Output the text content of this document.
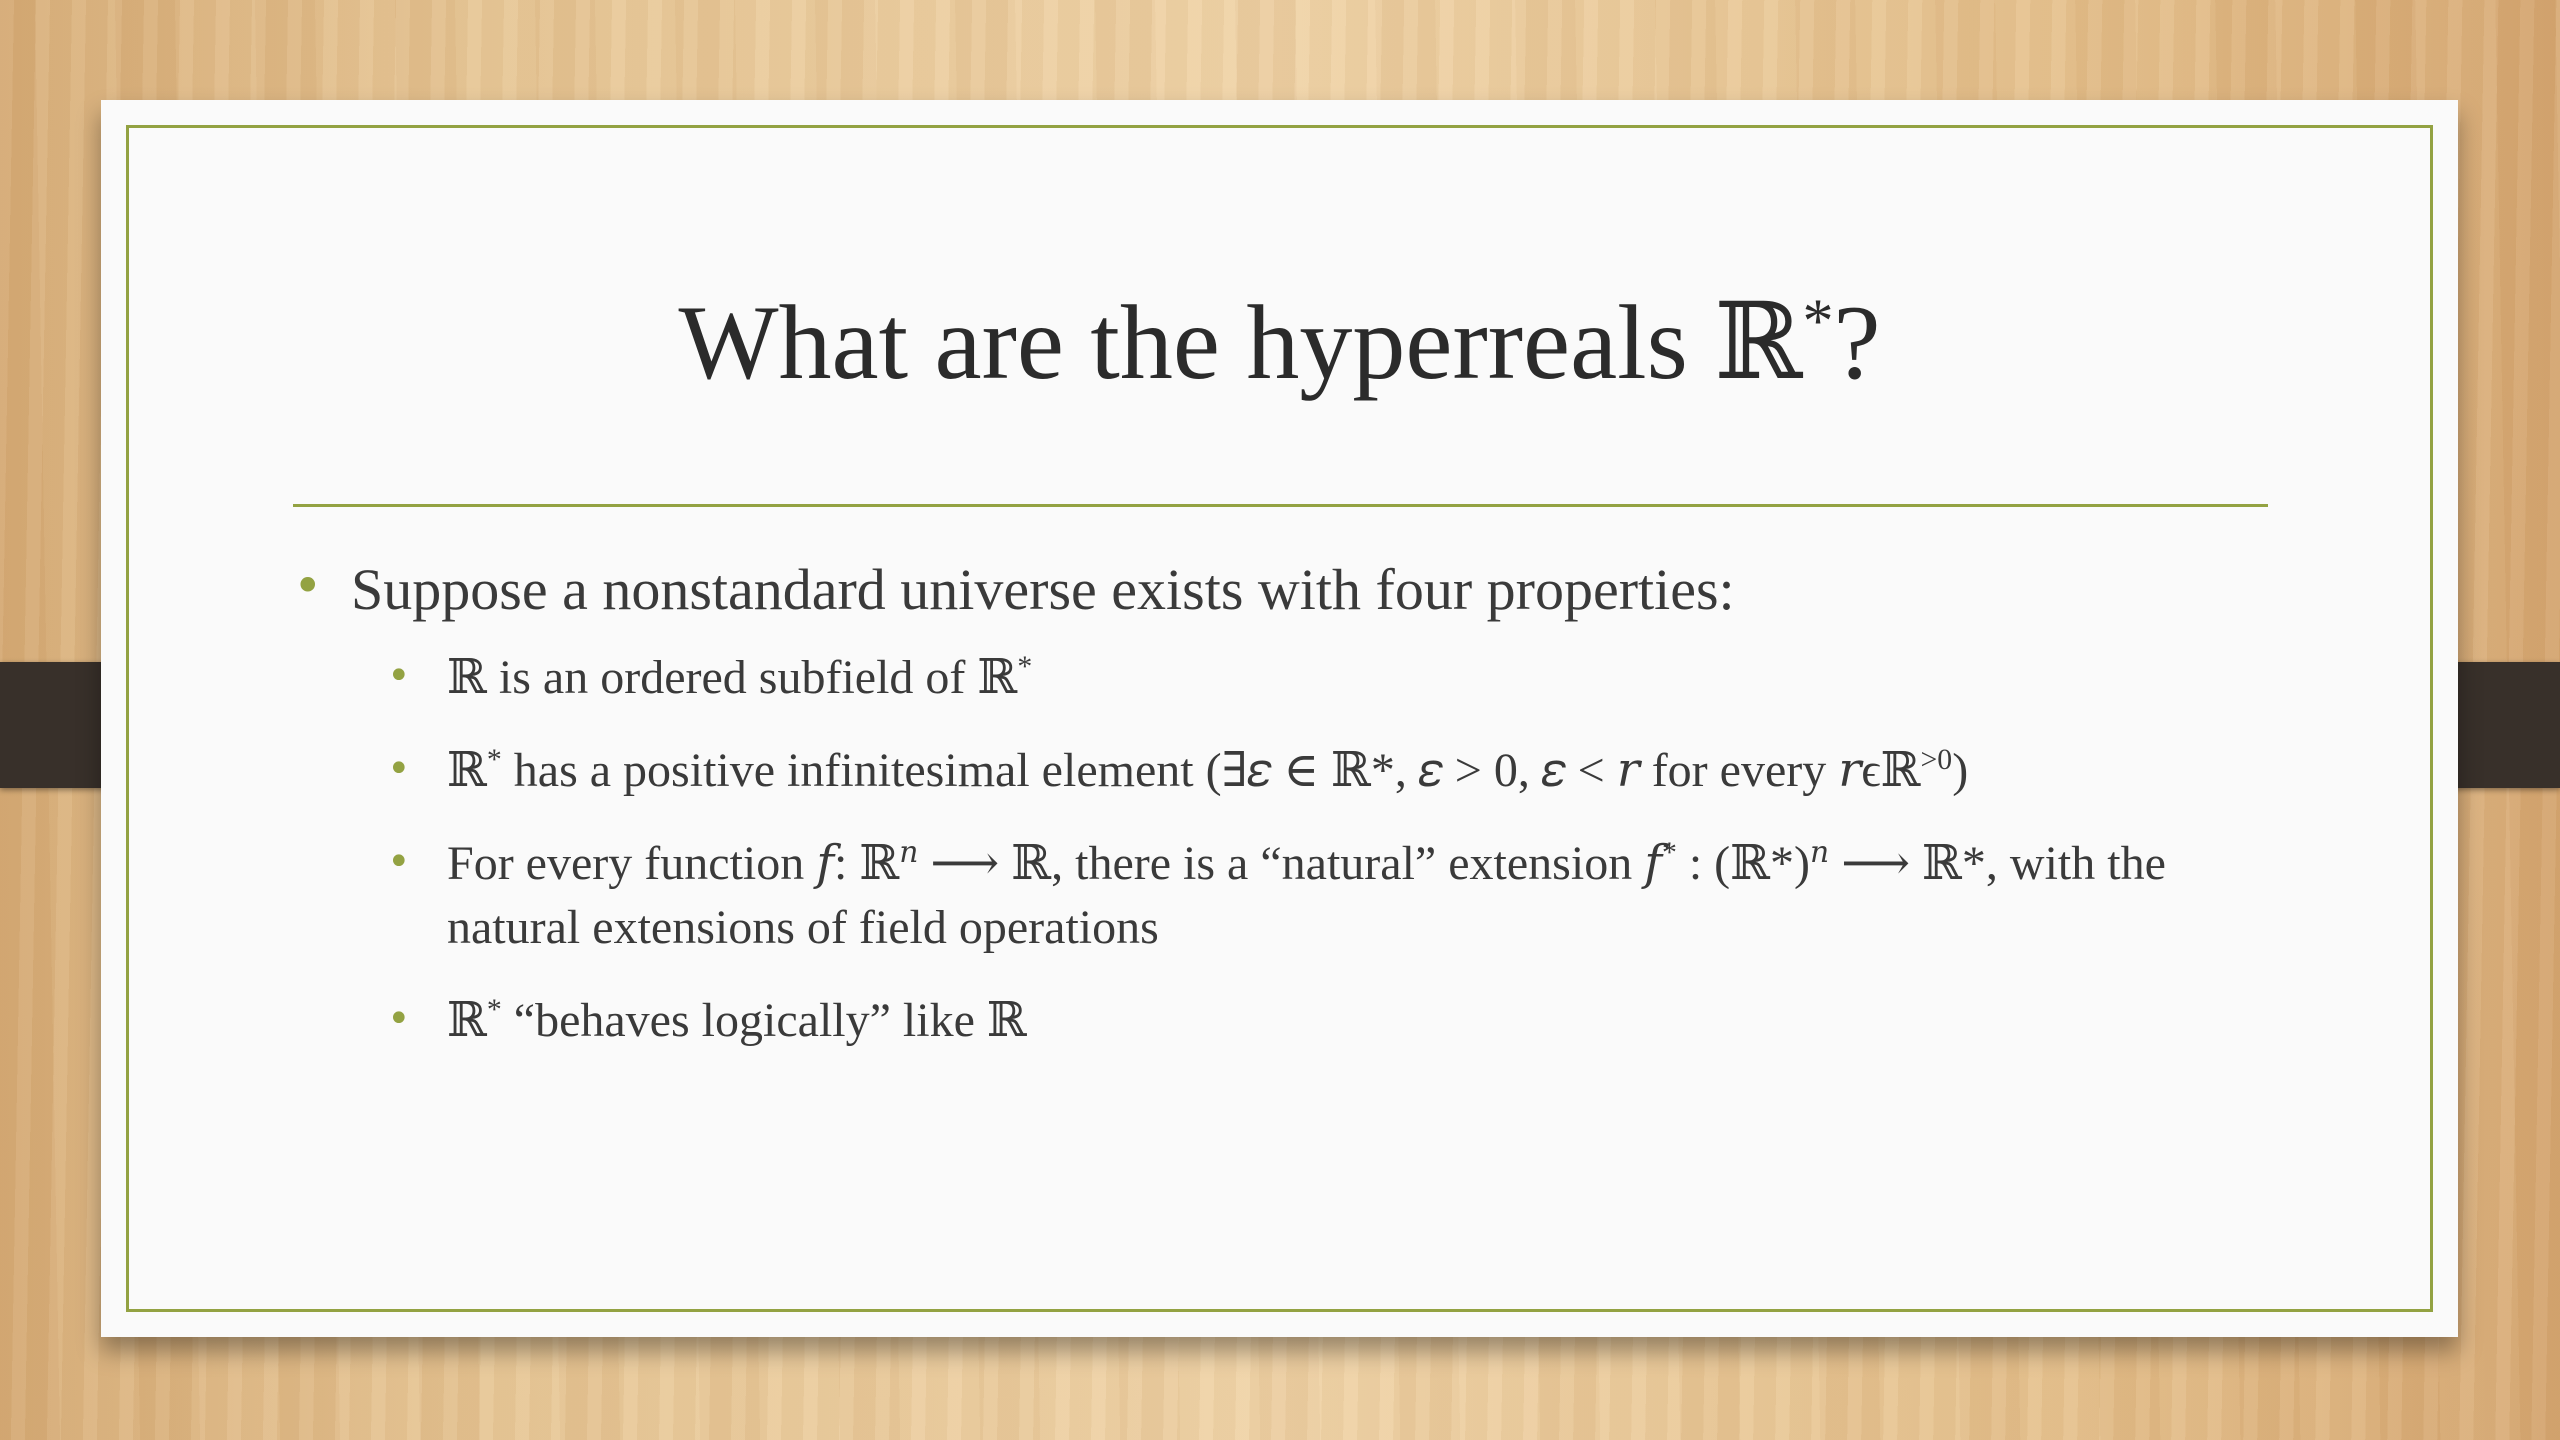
What are the hyperreals ℝ*?
• Suppose a nonstandard universe exists with four properties:
• ℝ is an ordered subfield of ℝ*
• ℝ* has a positive infinitesimal element (∃𝜀 ∈ ℝ*, 𝜀 > 0, 𝜀 < 𝑟 for every 𝑟ϵℝ$^{>0}$)
• For every function 𝑓: ℝ$^𝑛$ ⟶ ℝ, there is a “natural” extension 𝑓* : (ℝ*)$^𝑛$ ⟶ ℝ*, with the natural extensions of field operations
• ℝ* “behaves logically” like ℝ
